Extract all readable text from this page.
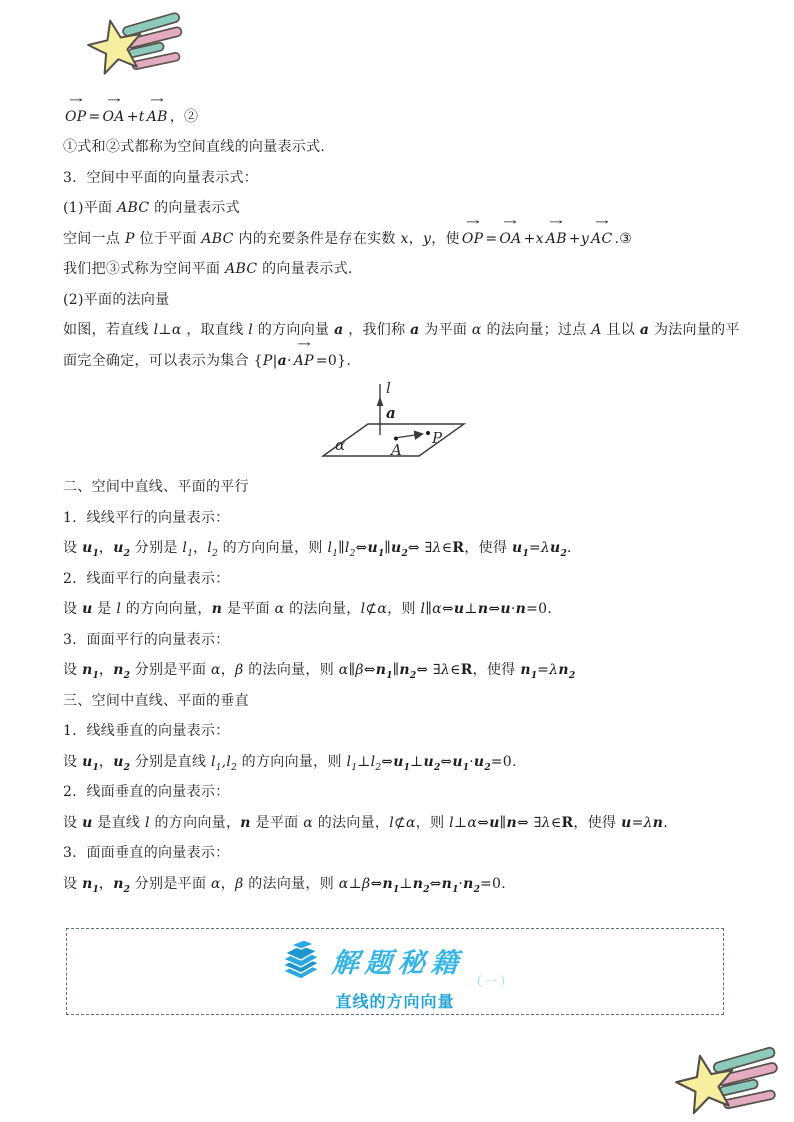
→
OP =
→
OA +t
→
AB ，②
①式和②式都称为空间直线的向量表示式.
3．空间中平面的向量表示式：
(1)平面 ABC 的向量表示式
空间一点 P 位于平面 ABC 内的充要条件是存在实数 x，y，使
→
OP =
→
OA +x
→
AB +y
→
AC .③
我们把③式称为空间平面 ABC 的向量表示式.
(2)平面的法向量
如图，若直线 l⊥α ，取直线 l 的方向向量 a ，我们称 a 为平面 α 的法向量；过点 A 且以 a 为法向量的平
面完全确定，可以表示为集合 {P|a·
→
AP =0}.
l
a
α	A
P
二、空间中直线、平面的平行
1．线线平行的向量表示：
设 $u_1$，$u_2$ 分别是 $l_1$，$l_2$ 的方向向量，则 $l_1\parallel l_2\Leftrightarrow u_1\parallel u_2\Leftrightarrow$ ∃λ∈R，使得 $u_1=\lambda u_2$.
2．线面平行的向量表示：
设 u 是 l 的方向向量，n 是平面 α 的法向量，l⊄α，则 l∥α⇔u⊥n⇔u·n=0.
3．面面平行的向量表示：
设 $n_1$，$n_2$ 分别是平面 α，β 的法向量，则 $\alpha\parallel\beta\Leftrightarrow n_1\parallel n_2\Leftrightarrow$ ∃λ∈R，使得 $n_1=\lambda n_2$
三、空间中直线、平面的垂直
1．线线垂直的向量表示：
设 $u_1$，$u_2$ 分别是直线 $l_1,l_2$ 的方向向量，则 $l_1\perp l_2\Leftrightarrow u_1\perp u_2\Leftrightarrow u_1\cdot u_2=0$.
2．线面垂直的向量表示：
设 u 是直线 l 的方向向量，n 是平面 α 的法向量，l⊄α，则 l⊥α⇔u∥n⇔ ∃λ∈R，使得 u=λn.
3．面面垂直的向量表示：
设 $n_1$，$n_2$ 分别是平面 α，β 的法向量，则 $\alpha\perp\beta\Leftrightarrow n_1\perp n_2\Leftrightarrow n_1\cdot n_2=0$.
解题秘籍
（一）
直线的方向向量
